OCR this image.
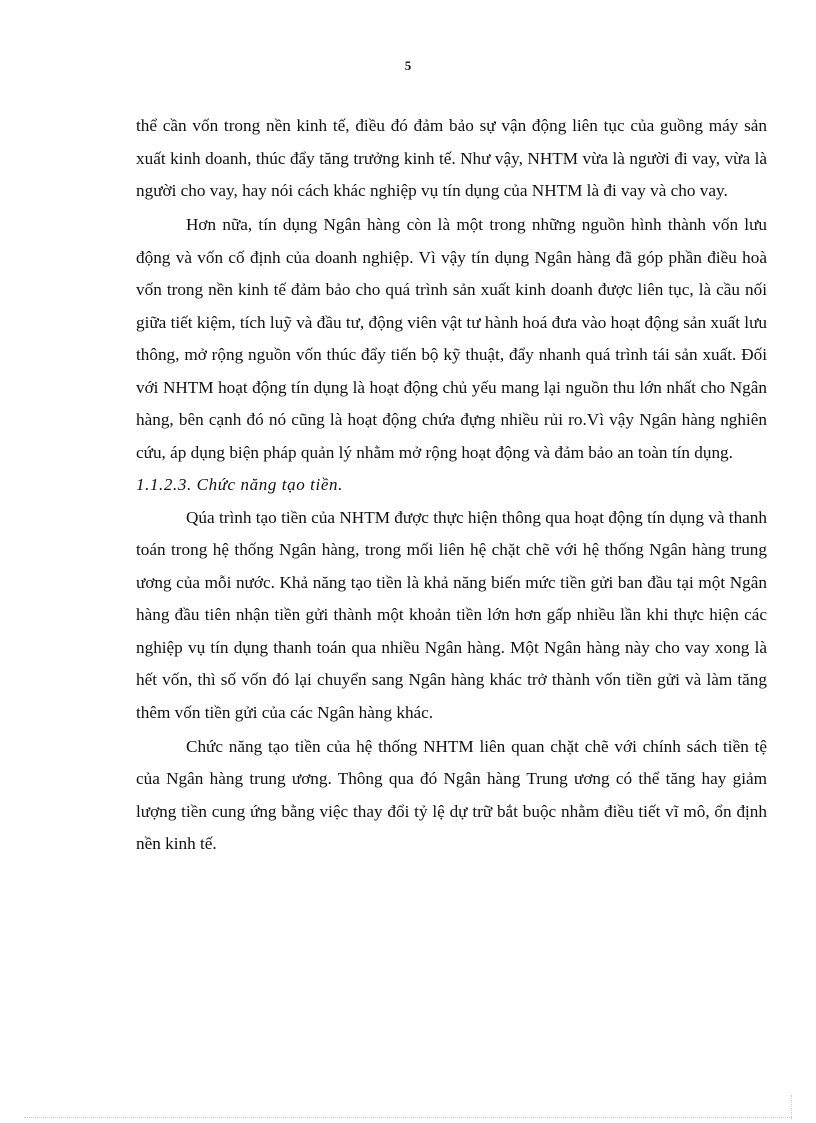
5

thể cần vốn trong nền kinh tế, điều đó đảm bảo sự vận động liên tục của guồng máy sản xuất kinh doanh, thúc đẩy tăng trưởng kinh tế. Như vậy, NHTM vừa là người đi vay, vừa là người cho vay, hay nói cách khác nghiệp vụ tín dụng của NHTM là đi vay và cho vay.

Hơn nữa, tín dụng Ngân hàng còn là một trong những nguồn hình thành vốn lưu động và vốn cố định của doanh nghiệp. Vì vậy tín dụng Ngân hàng đã góp phần điều hoà vốn trong nền kinh tế đảm bảo cho quá trình sản xuất kinh doanh được liên tục, là cầu nối giữa tiết kiệm, tích luỹ và đầu tư, động viên vật tư hành hoá đưa vào hoạt động sản xuất lưu thông, mở rộng nguồn vốn thúc đẩy tiến bộ kỹ thuật, đẩy nhanh quá trình tái sản xuất. Đối với NHTM hoạt động tín dụng là hoạt động chủ yếu mang lại nguồn thu lớn nhất cho Ngân hàng, bên cạnh đó nó cũng là hoạt động chứa đựng nhiều rủi ro.Vì vậy Ngân hàng nghiên cứu, áp dụng biện pháp quản lý nhằm mở rộng hoạt động và đảm bảo an toàn tín dụng.

1.1.2.3. Chức năng tạo tiền.

Qúa trình tạo tiền của NHTM được thực hiện thông qua hoạt động tín dụng và thanh toán trong hệ thống Ngân hàng, trong mối liên hệ chặt chẽ với hệ thống Ngân hàng trung ương của mỗi nước. Khả năng tạo tiền là khả năng biến mức tiền gửi ban đầu tại một Ngân hàng đầu tiên nhận tiền gửi thành một khoản tiền lớn hơn gấp nhiều lần khi thực hiện các nghiệp vụ tín dụng thanh toán qua nhiều Ngân hàng. Một Ngân hàng này cho vay xong là hết vốn, thì số vốn đó lại chuyển sang Ngân hàng khác trở thành vốn tiền gửi và làm tăng thêm vốn tiền gửi của các Ngân hàng khác.

Chức năng tạo tiền của hệ thống NHTM liên quan chặt chẽ với chính sách tiền tệ của Ngân hàng trung ương. Thông qua đó Ngân hàng Trung ương có thể tăng hay giảm lượng tiền cung ứng bằng việc thay đổi tỷ lệ dự trữ bắt buộc nhằm điều tiết vĩ mô, ổn định nền kinh tế.
